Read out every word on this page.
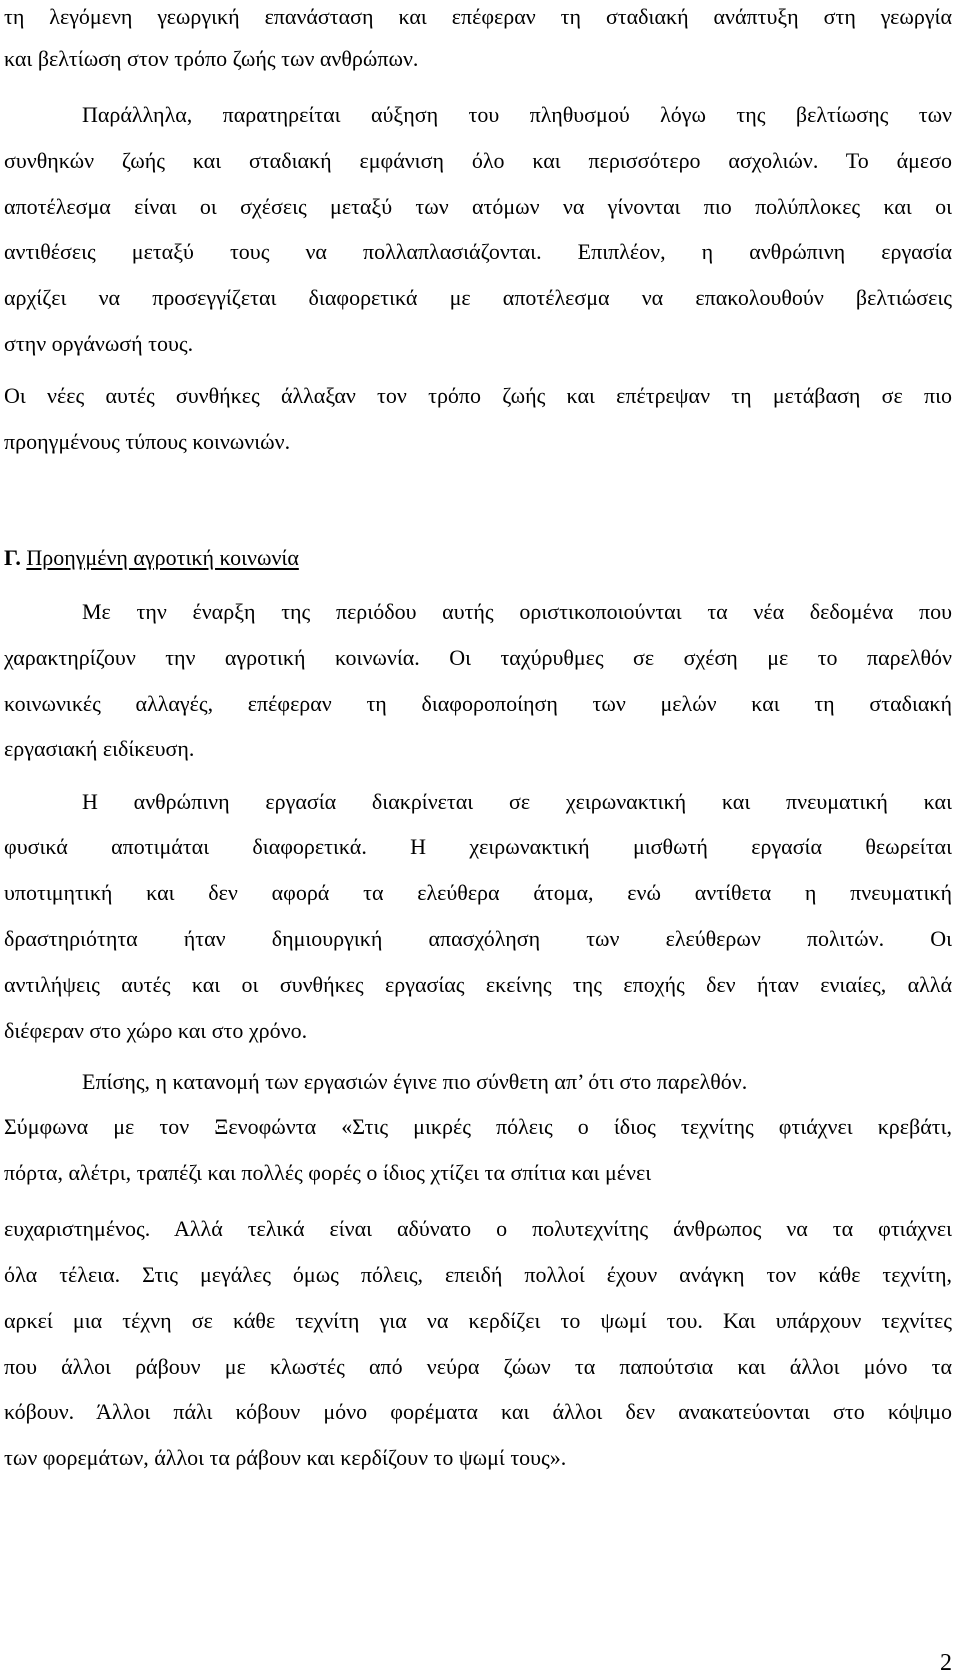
τη λεγόμενη γεωργική επανάσταση και επέφεραν τη σταδιακή ανάπτυξη στη γεωργία
και βελτίωση στον τρόπο ζωής των ανθρώπων.
Παράλληλα, παρατηρείται αύξηση του πληθυσμού λόγω της βελτίωσης των
συνθηκών ζωής και σταδιακή εμφάνιση όλο και περισσότερο ασχολιών. Το άμεσο
αποτέλεσμα είναι οι σχέσεις μεταξύ των ατόμων να γίνονται πιο πολύπλοκες και οι
αντιθέσεις μεταξύ τους να πολλαπλασιάζονται. Επιπλέον, η ανθρώπινη εργασία
αρχίζει να προσεγγίζεται διαφορετικά με αποτέλεσμα να επακολουθούν βελτιώσεις
στην οργάνωσή τους.
Οι νέες αυτές συνθήκες άλλαξαν τον τρόπο ζωής και επέτρεψαν τη μετάβαση σε πιο
προηγμένους τύπους κοινωνιών.
Γ. Προηγμένη αγροτική κοινωνία
Με την έναρξη της περιόδου αυτής οριστικοποιούνται τα νέα δεδομένα που
χαρακτηρίζουν την αγροτική κοινωνία. Οι ταχύρυθμες σε σχέση με το παρελθόν
κοινωνικές αλλαγές, επέφεραν τη διαφοροποίηση των μελών και τη σταδιακή
εργασιακή ειδίκευση.
Η ανθρώπινη εργασία διακρίνεται σε χειρωνακτική και πνευματική και
φυσικά αποτιμάται διαφορετικά. Η χειρωνακτική μισθωτή εργασία θεωρείται
υποτιμητική και δεν αφορά τα ελεύθερα άτομα, ενώ αντίθετα η πνευματική
δραστηριότητα ήταν δημιουργική απασχόληση των ελεύθερων πολιτών. Οι
αντιλήψεις αυτές και οι συνθήκες εργασίας εκείνης της εποχής δεν ήταν ενιαίες, αλλά
διέφεραν στο χώρο και στο χρόνο.
Επίσης, η κατανομή των εργασιών έγινε πιο σύνθετη απ’ ότι στο παρελθόν.
Σύμφωνα με τον Ξενοφώντα «Στις μικρές πόλεις ο ίδιος τεχνίτης φτιάχνει κρεβάτι,
πόρτα, αλέτρι, τραπέζι και πολλές φορές ο ίδιος χτίζει τα σπίτια και μένει
ευχαριστημένος. Αλλά τελικά είναι αδύνατο ο πολυτεχνίτης άνθρωπος να τα φτιάχνει
όλα τέλεια. Στις μεγάλες όμως πόλεις, επειδή πολλοί έχουν ανάγκη τον κάθε τεχνίτη,
αρκεί μια τέχνη σε κάθε τεχνίτη για να κερδίζει το ψωμί του. Και υπάρχουν τεχνίτες
που άλλοι ράβουν με κλωστές από νεύρα ζώων τα παπούτσια και άλλοι μόνο τα
κόβουν. Άλλοι πάλι κόβουν μόνο φορέματα και άλλοι δεν ανακατεύονται στο κόψιμο
των φορεμάτων, άλλοι τα ράβουν και κερδίζουν το ψωμί τους».
2
